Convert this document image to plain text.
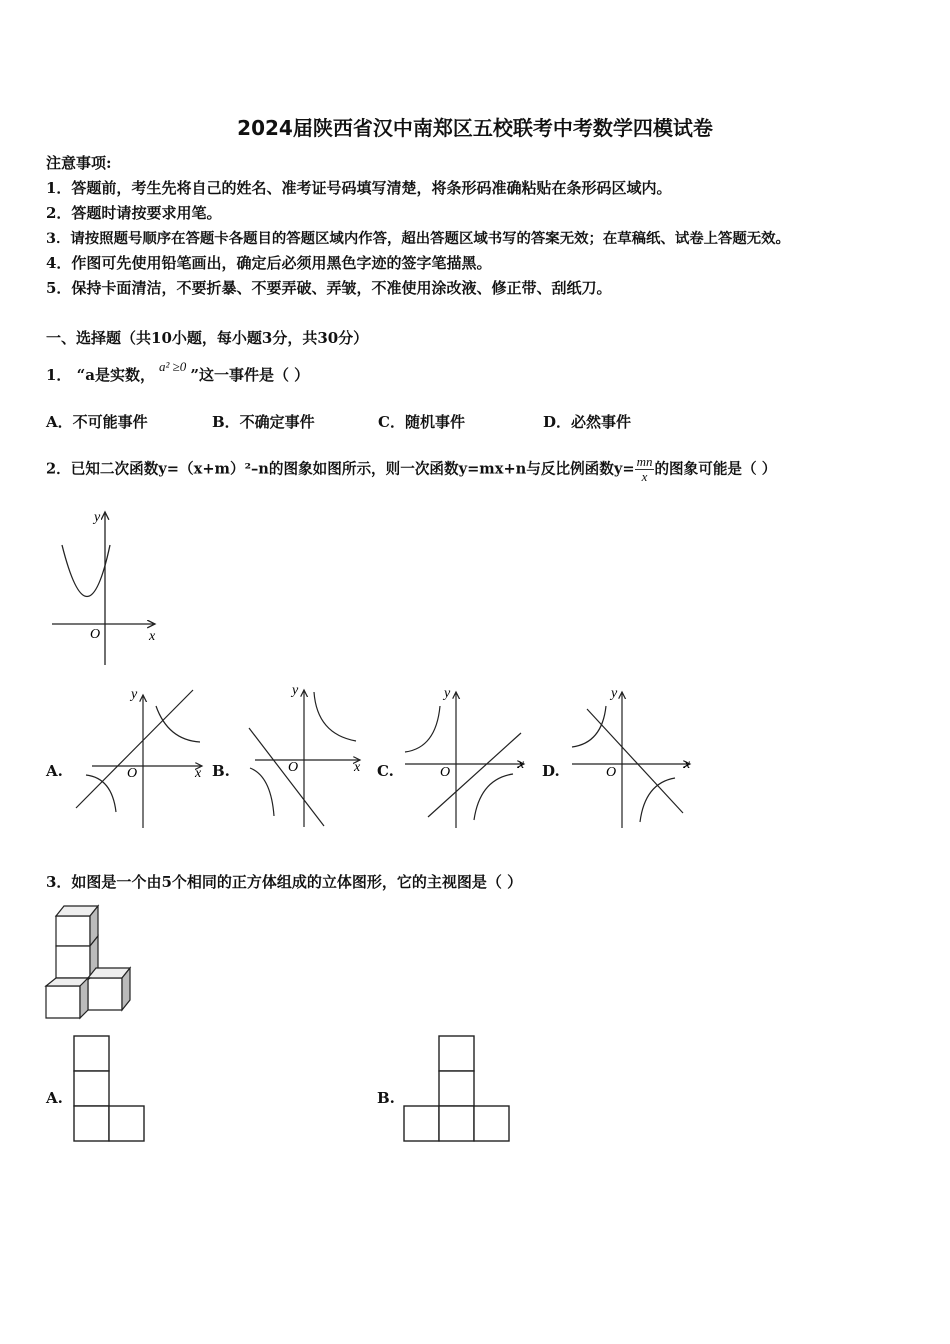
2024届陕西省汉中南郑区五校联考中考数学四模试卷
注意事项:
1．答题前，考生先将自己的姓名、准考证号码填写清楚，将条形码准确粘贴在条形码区域内。
2．答题时请按要求用笔。
3．请按照题号顺序在答题卡各题目的答题区域内作答，超出答题区域书写的答案无效；在草稿纸、试卷上答题无效。
4．作图可先使用铅笔画出，确定后必须用黑色字迹的签字笔描黑。
5．保持卡面清洁，不要折暴、不要弄破、弄皱，不准使用涂改液、修正带、刮纸刀。
一、选择题（共10小题，每小题3分，共30分）
1． “a是实数， a² ≥0 ”这一事件是（ ）
A．不可能事件	B．不确定事件	C．随机事件	D．必然事件
2．已知二次函数y=（x+m）²–n的图象如图所示，则一次函数y=mx+n与反比例函数$y= \frac{mn}{x}$ 的图象可能是（ ）
y
x
O
y
x
O
y
x
O
y
x
O
y
x
O
A.	B.	C.	D.
3．如图是一个由5个相同的正方体组成的立体图形，它的主视图是（ ）
A.	B.
